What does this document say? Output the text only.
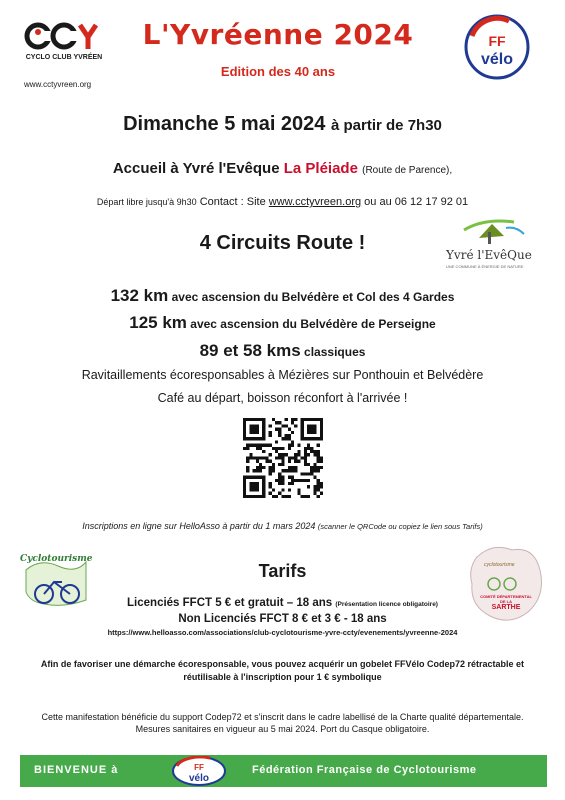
CYCLO CLUB YVRÉEN
www.cctyvreen.org
L'Yvréenne 2024
Edition des 40 ans
FF
vélo
Dimanche 5 mai 2024 à partir de 7h30
Accueil à Yvré l'Evêque La Pléiade (Route de Parence),
Départ libre jusqu'à 9h30 Contact : Site www.cctyvreen.org ou au 06 12 17 92 01
4 Circuits Route !
Yvré l'EvêQue
UNE COMMUNE À ÉNERGIE DE NATURE
132 km avec ascension du Belvédère et Col des 4 Gardes
125 km avec ascension du Belvédère de Perseigne
89 et 58 kms classiques
Ravitaillements écoresponsables à Mézières sur Ponthouin et Belvédère
Café au départ, boisson réconfort à l'arrivée !
Inscriptions en ligne sur HelloAsso à partir du 1 mars 2024 (scanner le QRCode ou copiez le lien sous Tarifs)
Cyclotourisme
cyclotourisme
COMITÉ DÉPARTEMENTAL
DE LA
SARTHE
Tarifs
Licenciés FFCT 5 € et gratuit – 18 ans (Présentation licence obligatoire)
Non Licenciés FFCT 8 € et 3 € - 18 ans
https://www.helloasso.com/associations/club-cyclotourisme-yvre-ccty/evenements/yvreenne-2024
Afin de favoriser une démarche écoresponsable, vous pouvez acquérir un gobelet FFVélo Codep72 rétractable et
réutilisable à l'inscription pour 1 € symbolique
Cette manifestation bénéficie du support Codep72 et s'inscrit dans le cadre labellisé de la Charte qualité départementale.
Mesures sanitaires en vigueur au 5 mai 2024. Port du Casque obligatoire.
BIENVENUE à	FF
vélo
Fédération Française de Cyclotourisme
